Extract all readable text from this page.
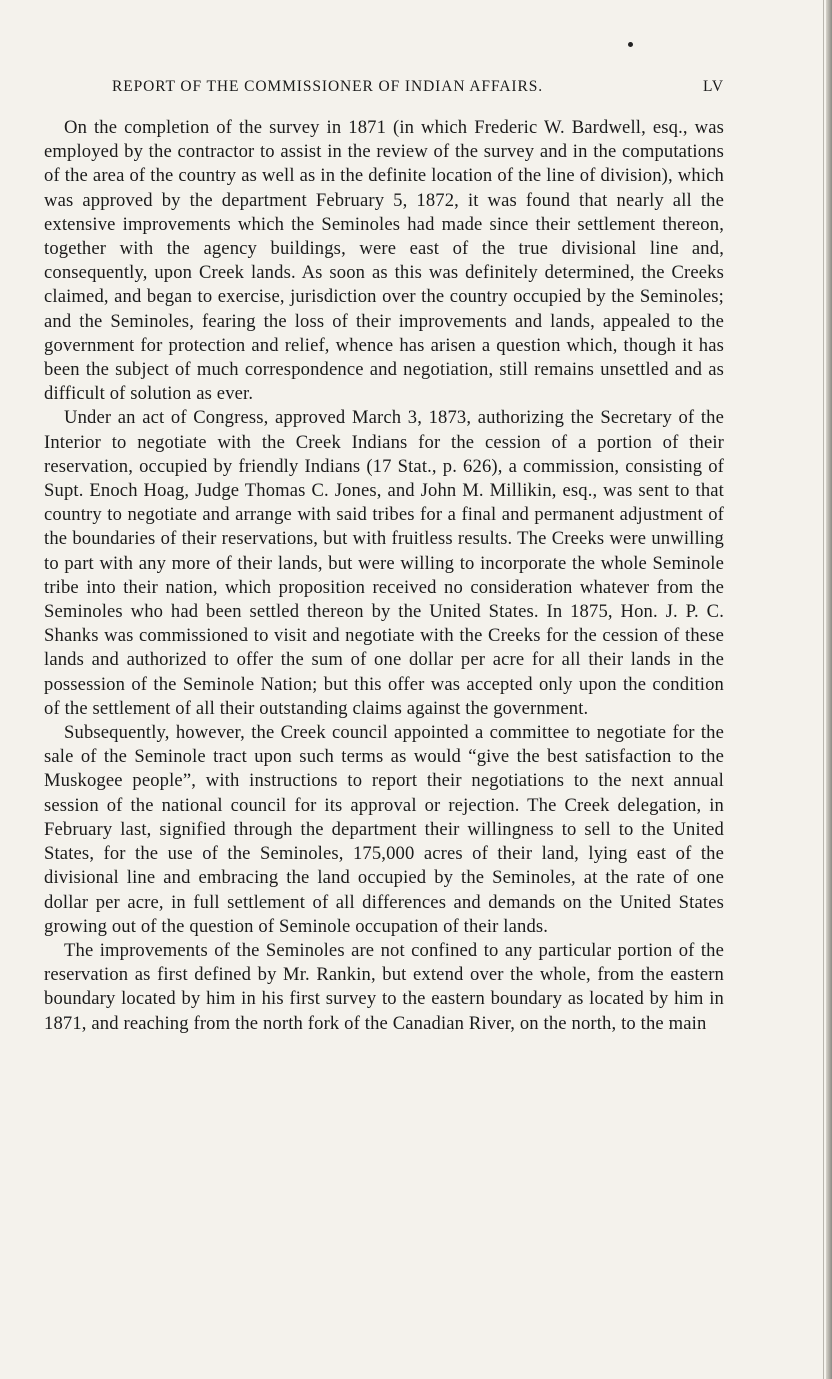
REPORT OF THE COMMISSIONER OF INDIAN AFFAIRS.	LV

On the completion of the survey in 1871 (in which Frederic W. Bardwell, esq., was employed by the contractor to assist in the review of the survey and in the computations of the area of the country as well as in the definite location of the line of division), which was approved by the department February 5, 1872, it was found that nearly all the extensive improvements which the Seminoles had made since their settlement thereon, together with the agency buildings, were east of the true divisional line and, consequently, upon Creek lands. As soon as this was definitely determined, the Creeks claimed, and began to exercise, jurisdiction over the country occupied by the Seminoles; and the Seminoles, fearing the loss of their improvements and lands, appealed to the government for protection and relief, whence has arisen a question which, though it has been the subject of much correspondence and negotiation, still remains unsettled and as difficult of solution as ever.

Under an act of Congress, approved March 3, 1873, authorizing the Secretary of the Interior to negotiate with the Creek Indians for the cession of a portion of their reservation, occupied by friendly Indians (17 Stat., p. 626), a commission, consisting of Supt. Enoch Hoag, Judge Thomas C. Jones, and John M. Millikin, esq., was sent to that country to negotiate and arrange with said tribes for a final and permanent adjustment of the boundaries of their reservations, but with fruitless results. The Creeks were unwilling to part with any more of their lands, but were willing to incorporate the whole Seminole tribe into their nation, which proposition received no consideration whatever from the Seminoles who had been settled thereon by the United States. In 1875, Hon. J. P. C. Shanks was commissioned to visit and negotiate with the Creeks for the cession of these lands and authorized to offer the sum of one dollar per acre for all their lands in the possession of the Seminole Nation; but this offer was accepted only upon the condition of the settlement of all their outstanding claims against the government.

Subsequently, however, the Creek council appointed a committee to negotiate for the sale of the Seminole tract upon such terms as would “give the best satisfaction to the Muskogee people”, with instructions to report their negotiations to the next annual session of the national council for its approval or rejection. The Creek delegation, in February last, signified through the department their willingness to sell to the United States, for the use of the Seminoles, 175,000 acres of their land, lying east of the divisional line and embracing the land occupied by the Seminoles, at the rate of one dollar per acre, in full settlement of all differences and demands on the United States growing out of the question of Seminole occupation of their lands.

The improvements of the Seminoles are not confined to any particular portion of the reservation as first defined by Mr. Rankin, but extend over the whole, from the eastern boundary located by him in his first survey to the eastern boundary as located by him in 1871, and reaching from the north fork of the Canadian River, on the north, to the main
